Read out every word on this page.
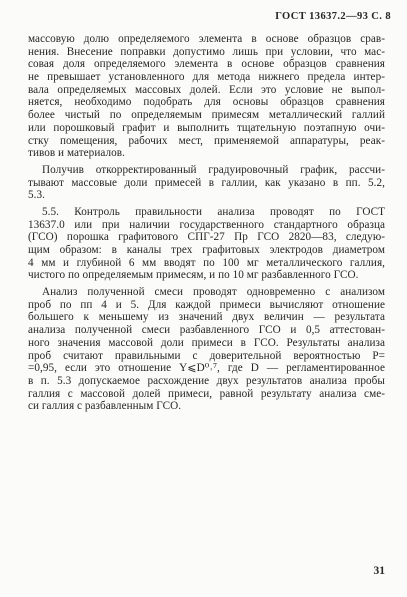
ГОСТ 13637.2—93 С. 8
массовую долю определяемого элемента в основе образцов срав-
нения. Внесение поправки допустимо лишь при условии, что мас-
совая доля определяемого элемента в основе образцов сравнения
не превышает установленного для метода нижнего предела интер-
вала определяемых массовых долей. Если это условие не выпол-
няется, необходимо подобрать для основы образцов сравнения
более чистый по определяемым примесям металлический галлий
или порошковый графит и выполнить тщательную поэтапную очи-
стку помещения, рабочих мест, применяемой аппаратуры, реак-
тивов и материалов.
Получив откорректированный градуировочный график, рассчи-
тывают массовые доли примесей в галлии, как указано в пп. 5.2,
5.3.
5.5. Контроль правильности анализа проводят по ГОСТ
13637.0 или при наличии государственного стандартного образца
(ГСО) порошка графитового СПГ-27 Пр ГСО 2820—83, следую-
щим образом: в каналы трех графитовых электродов диаметром
4 мм и глубиной 6 мм вводят по 100 мг металлического галлия,
чистого по определяемым примесям, и по 10 мг разбавленного ГСО.
Анализ полученной смеси проводят одновременно с анализом
проб по пп 4 и 5. Для каждой примеси вычисляют отношение
большего к меньшему из значений двух величин — результата
анализа полученной смеси разбавленного ГСО и 0,5 аттестован-
ного значения массовой доли примеси в ГСО. Результаты анализа
проб считают правильными с доверительной вероятностью Р=
=0,95, если это отношение Y⩽D⁰˒⁷, где D — регламентированное
в п. 5.3 допускаемое расхождение двух результатов анализа пробы
галлия с массовой долей примеси, равной результату анализа сме-
си галлия с разбавленным ГСО.
31
